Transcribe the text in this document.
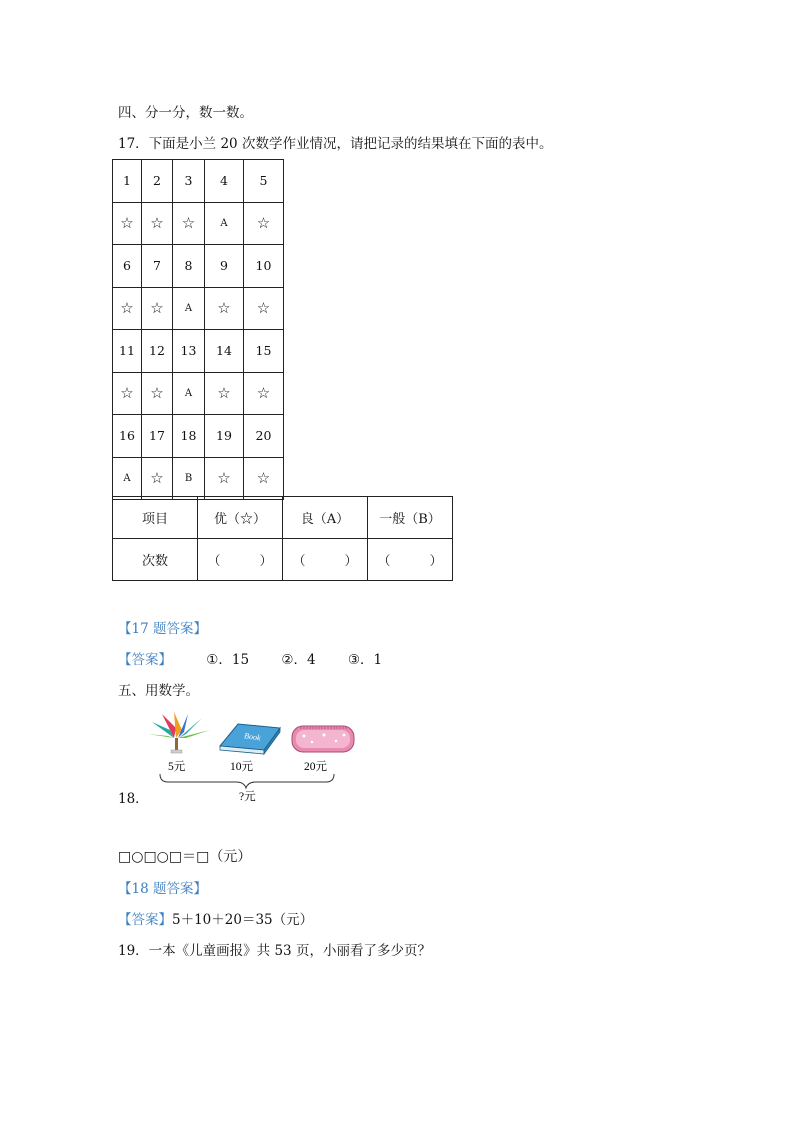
四、分一分，数一数。
17．下面是小兰 20 次数学作业情况，请把记录的结果填在下面的表中。
1	2	3	4	5
☆	☆	☆	A	☆
6	7	8	9	10
☆	☆	A	☆	☆
11	12	13	14	15
☆	☆	A	☆	☆
16	17	18	19	20
A	☆	B	☆	☆
项目	优（☆）	良（A）	一般（B）
次数	（　　　）	（　　　）	（　　　）
【17 题答案】
【答案】	①．15 ②．4 ③．1
五、用数学。
Book
5元	10元	20元
?元
18．
□○□○□＝□（元）
【18 题答案】
【答案】5＋10＋20＝35（元）
19．一本《儿童画报》共 53 页，小丽看了多少页？
